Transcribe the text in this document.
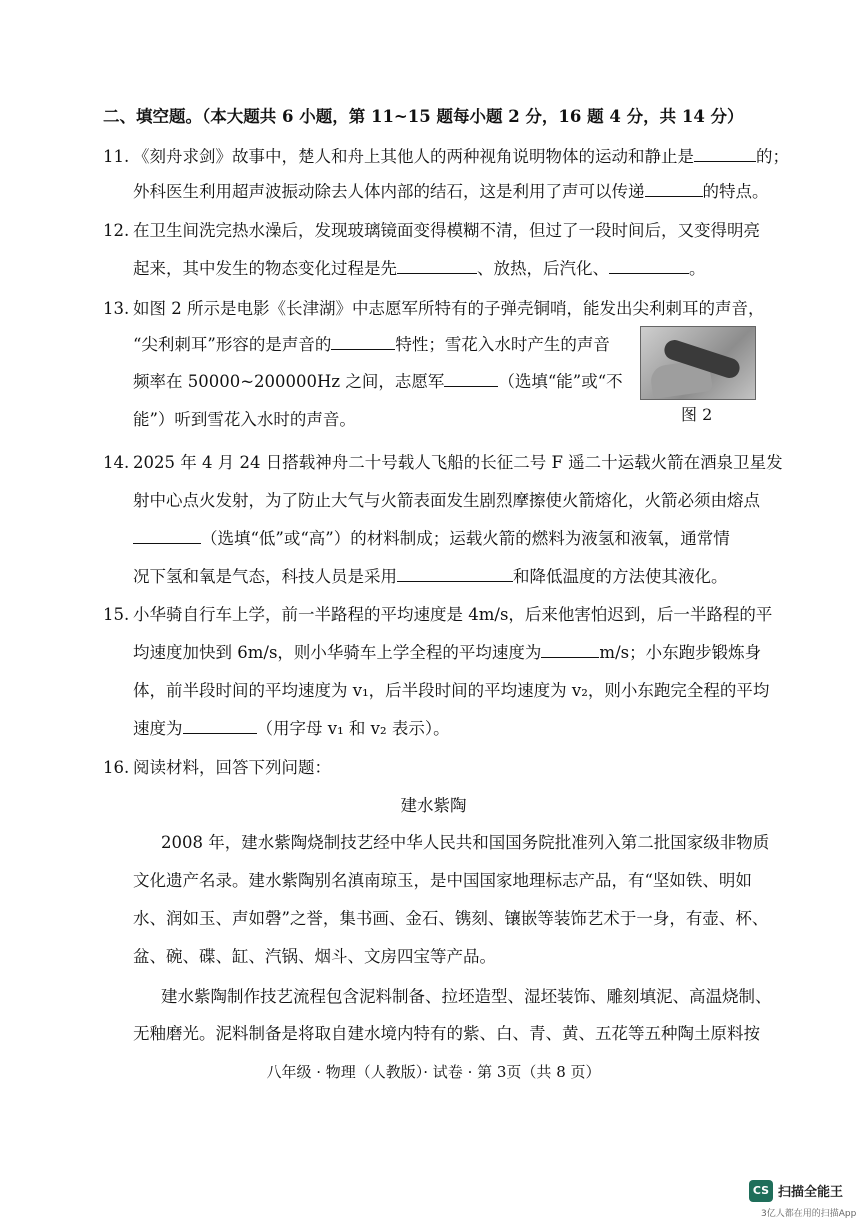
二、填空题。（本大题共 6 小题，第 11~15 题每小题 2 分，16 题 4 分，共 14 分）
11. 《刻舟求剑》故事中，楚人和舟上其他人的两种视角说明物体的运动和静止是	的；
外科医生利用超声波振动除去人体内部的结石，这是利用了声可以传递	的特点。
12. 在卫生间洗完热水澡后，发现玻璃镜面变得模糊不清，但过了一段时间后，又变得明亮
起来，其中发生的物态变化过程是先	、放热，后汽化、	。
13. 如图 2 所示是电影《长津湖》中志愿军所特有的子弹壳铜哨，能发出尖利刺耳的声音，
“尖利刺耳”形容的是声音的	特性；雪花入水时产生的声音
频率在 50000~200000Hz 之间，志愿军	（选填“能”或“不
能”）听到雪花入水时的声音。	图 2
14. 2025 年 4 月 24 日搭载神舟二十号载人飞船的长征二号 F 遥二十运载火箭在酒泉卫星发
射中心点火发射，为了防止大气与火箭表面发生剧烈摩擦使火箭熔化，火箭必须由熔点
（选填“低”或“高”）的材料制成；运载火箭的燃料为液氢和液氧，通常情
况下氢和氧是气态，科技人员是采用	和降低温度的方法使其液化。
15. 小华骑自行车上学，前一半路程的平均速度是 4m/s，后来他害怕迟到，后一半路程的平
均速度加快到 6m/s，则小华骑车上学全程的平均速度为	m/s；小东跑步锻炼身
体，前半段时间的平均速度为 v₁，后半段时间的平均速度为 v₂，则小东跑完全程的平均
速度为	（用字母 v₁ 和 v₂ 表示）。
16. 阅读材料，回答下列问题：
建水紫陶
2008 年，建水紫陶烧制技艺经中华人民共和国国务院批准列入第二批国家级非物质
文化遗产名录。建水紫陶别名滇南琼玉，是中国国家地理标志产品，有“坚如铁、明如
水、润如玉、声如磬”之誉，集书画、金石、镌刻、镶嵌等装饰艺术于一身，有壶、杯、
盆、碗、碟、缸、汽锅、烟斗、文房四宝等产品。
建水紫陶制作技艺流程包含泥料制备、拉坯造型、湿坯装饰、雕刻填泥、高温烧制、
无釉磨光。泥料制备是将取自建水境内特有的紫、白、青、黄、五花等五种陶土原料按
八年级 · 物理（人教版）· 试卷 · 第 3页（共 8 页）
CS 扫描全能王
3亿人都在用的扫描App
